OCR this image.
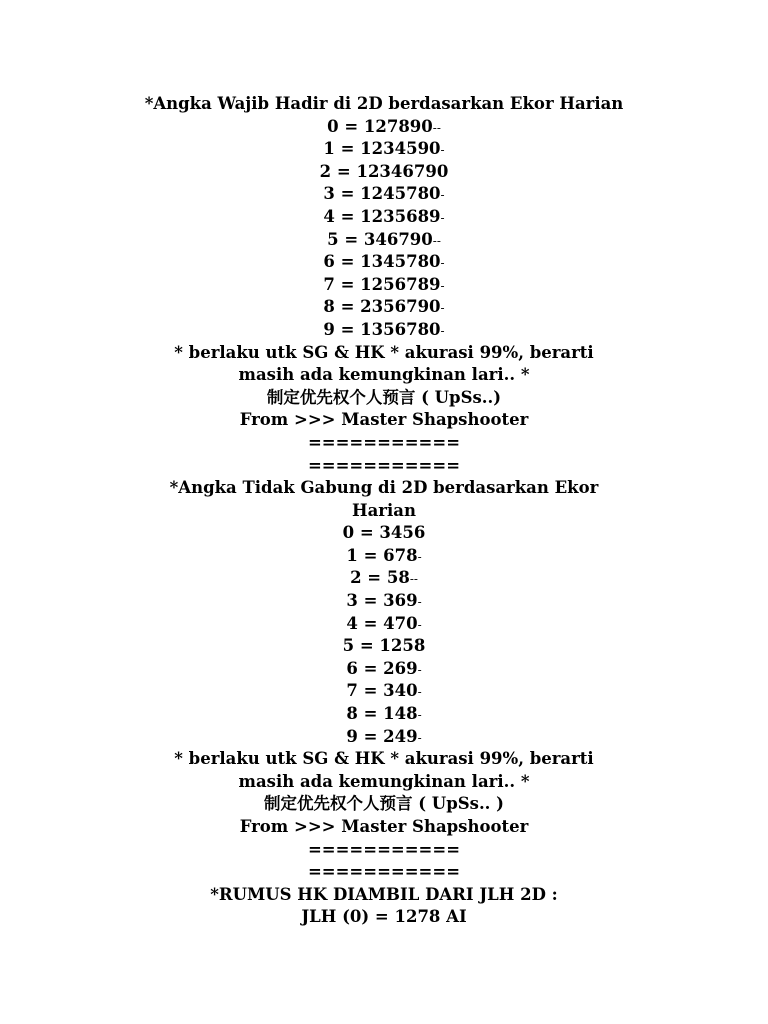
*Angka Wajib Hadir di 2D berdasarkan Ekor Harian
0 = 127890--
1 = 1234590-
2 = 12346790
3 = 1245780-
4 = 1235689-
5 = 346790--
6 = 1345780-
7 = 1256789-
8 = 2356790-
9 = 1356780-
* berlaku utk SG & HK * akurasi 99%, berarti
masih ada kemungkinan lari.. *
制定优先权个人预言 ( UpSs..)
From >>> Master Shapshooter
===========
===========
*Angka Tidak Gabung di 2D berdasarkan Ekor
Harian
0 = 3456
1 = 678-
2 = 58--
3 = 369-
4 = 470-
5 = 1258
6 = 269-
7 = 340-
8 = 148-
9 = 249-
* berlaku utk SG & HK * akurasi 99%, berarti
masih ada kemungkinan lari.. *
制定优先权个人预言 ( UpSs.. )
From >>> Master Shapshooter
===========
===========
*RUMUS HK DIAMBIL DARI JLH 2D :
JLH (0) = 1278 AI
